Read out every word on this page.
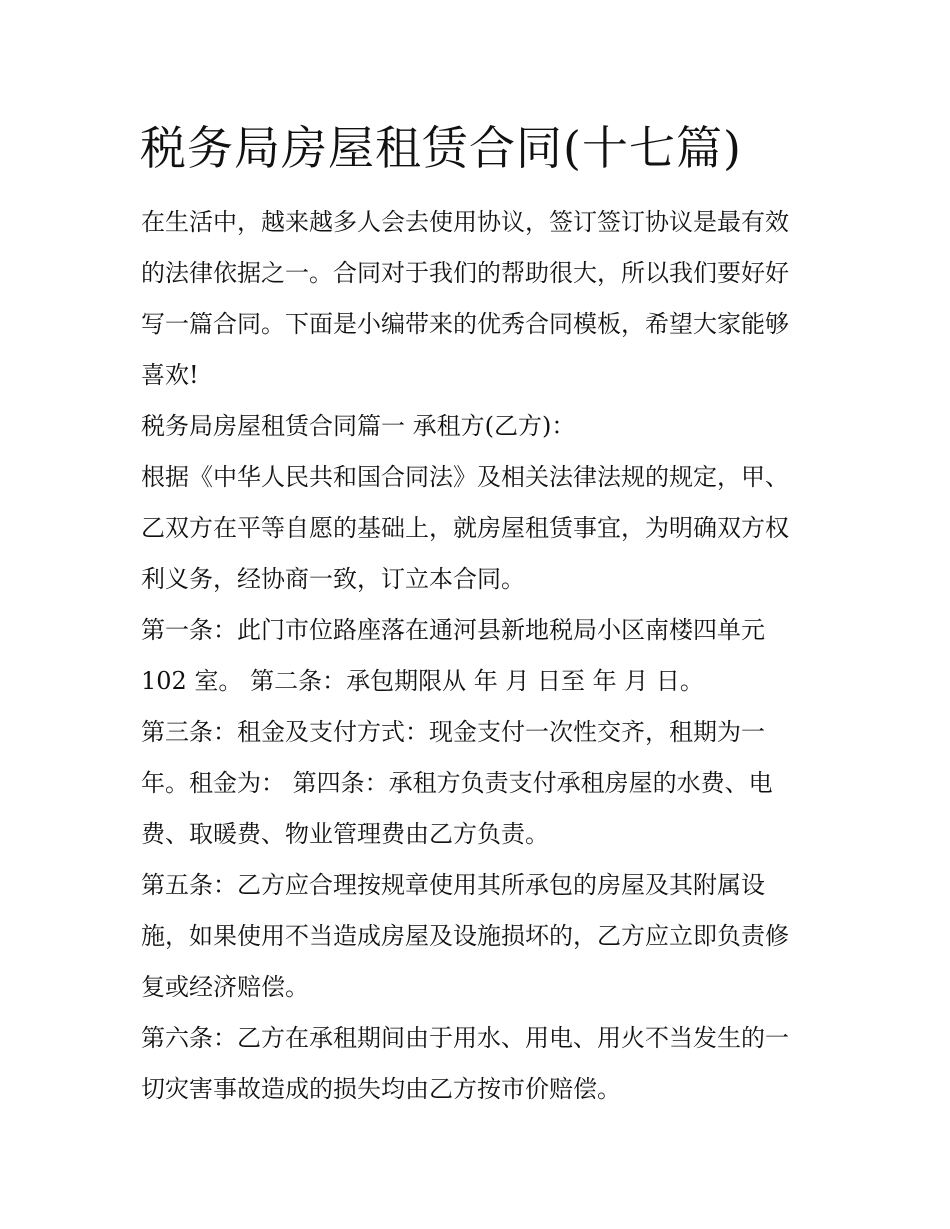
税务局房屋租赁合同(十七篇)

在生活中，越来越多人会去使用协议，签订签订协议是最有效

的法律依据之一。合同对于我们的帮助很大，所以我们要好好

写一篇合同。下面是小编带来的优秀合同模板，希望大家能够

喜欢!

税务局房屋租赁合同篇一 承租方(乙方)：

根据《中华人民共和国合同法》及相关法律法规的规定，甲、

乙双方在平等自愿的基础上，就房屋租赁事宜，为明确双方权

利义务，经协商一致，订立本合同。

第一条：此门市位路座落在通河县新地税局小区南楼四单元

102 室。 第二条：承包期限从 年 月 日至 年 月 日。

第三条：租金及支付方式：现金支付一次性交齐，租期为一

年。租金为： 第四条：承租方负责支付承租房屋的水费、电

费、取暖费、物业管理费由乙方负责。

第五条：乙方应合理按规章使用其所承包的房屋及其附属设

施，如果使用不当造成房屋及设施损坏的，乙方应立即负责修

复或经济赔偿。

第六条：乙方在承租期间由于用水、用电、用火不当发生的一

切灾害事故造成的损失均由乙方按市价赔偿。
